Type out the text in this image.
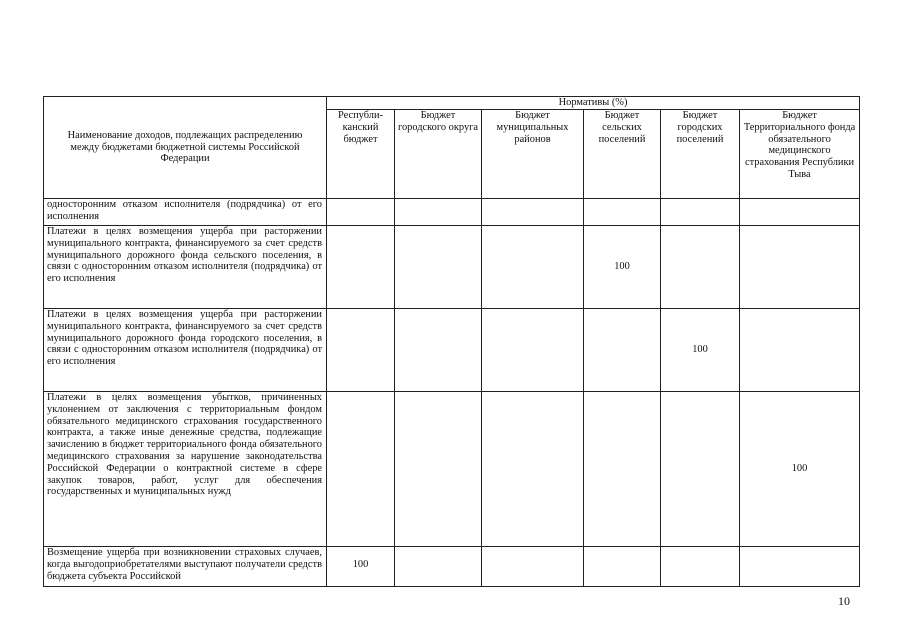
Наименование доходов, подлежащих распределению между бюджетами бюджетной системы Российской Федерации	Нормативы (%)					
	Республи-канский бюджет	Бюджет городского округа	Бюджет муниципальных районов	Бюджет сельских поселений	Бюджет городских поселений	Бюджет Территориального фонда обязательного медицинского страхования Республики Тыва
односторонним отказом исполнителя (подрядчика) от его исполнения						
Платежи в целях возмещения ущерба при расторжении муниципального контракта, финансируемого за счет средств муниципального дорожного фонда сельского поселения, в связи с односторонним отказом исполнителя (подрядчика) от его исполнения				100		
Платежи в целях возмещения ущерба при расторжении муниципального контракта, финансируемого за счет средств муниципального дорожного фонда городского поселения, в связи с односторонним отказом исполнителя (подрядчика) от его исполнения					100	
Платежи в целях возмещения убытков, причиненных уклонением от заключения с территориальным фондом обязательного медицинского страхования государственного контракта, а также иные денежные средства, подлежащие зачислению в бюджет территориального фонда обязательного медицинского страхования за нарушение законодательства Российской Федерации о контрактной системе в сфере закупок товаров, работ, услуг для обеспечения государственных и муниципальных нужд						100
Возмещение ущерба при возникновении страховых случаев, когда выгодоприобретателями выступают получатели средств бюджета субъекта Российской	100					
10
